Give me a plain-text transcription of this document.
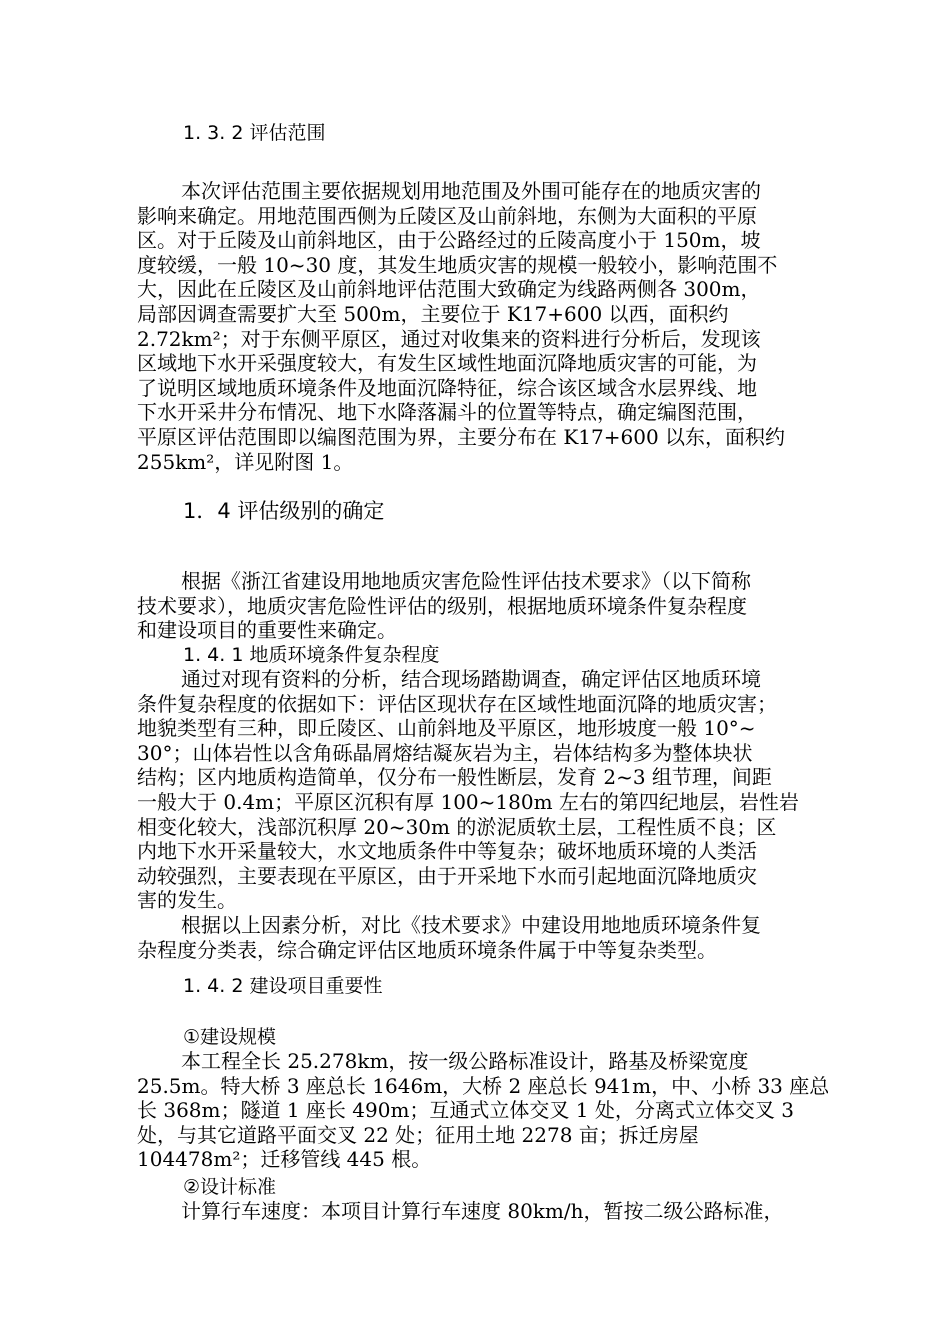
1. 3. 2 评估范围
本次评估范围主要依据规划用地范围及外围可能存在的地质灾害的
影响来确定。用地范围西侧为丘陵区及山前斜地，东侧为大面积的平原
区。对于丘陵及山前斜地区，由于公路经过的丘陵高度小于 150m，坡
度较缓，一般 10~30 度，其发生地质灾害的规模一般较小，影响范围不
大，因此在丘陵区及山前斜地评估范围大致确定为线路两侧各 300m，
局部因调查需要扩大至 500m，主要位于 K17+600 以西，面积约
2.72km²；对于东侧平原区，通过对收集来的资料进行分析后，发现该
区域地下水开采强度较大，有发生区域性地面沉降地质灾害的可能，为
了说明区域地质环境条件及地面沉降特征，综合该区域含水层界线、地
下水开采井分布情况、地下水降落漏斗的位置等特点，确定编图范围，
平原区评估范围即以编图范围为界，主要分布在 K17+600 以东，面积约
255km²，详见附图 1。
1．4 评估级别的确定
根据《浙江省建设用地地质灾害危险性评估技术要求》（以下简称
技术要求），地质灾害危险性评估的级别，根据地质环境条件复杂程度
和建设项目的重要性来确定。
1. 4. 1 地质环境条件复杂程度
通过对现有资料的分析，结合现场踏勘调查，确定评估区地质环境
条件复杂程度的依据如下：评估区现状存在区域性地面沉降的地质灾害；
地貌类型有三种，即丘陵区、山前斜地及平原区，地形坡度一般 10°~
30°；山体岩性以含角砾晶屑熔结凝灰岩为主，岩体结构多为整体块状
结构；区内地质构造简单，仅分布一般性断层，发育 2~3 组节理，间距
一般大于 0.4m；平原区沉积有厚 100~180m 左右的第四纪地层，岩性岩
相变化较大，浅部沉积厚 20~30m 的淤泥质软土层，工程性质不良；区
内地下水开采量较大，水文地质条件中等复杂；破坏地质环境的人类活
动较强烈，主要表现在平原区，由于开采地下水而引起地面沉降地质灾
害的发生。
根据以上因素分析，对比《技术要求》中建设用地地质环境条件复
杂程度分类表，综合确定评估区地质环境条件属于中等复杂类型。
1. 4. 2 建设项目重要性
①建设规模
本工程全长 25.278km，按一级公路标准设计，路基及桥梁宽度
25.5m。特大桥 3 座总长 1646m，大桥 2 座总长 941m，中、小桥 33 座总
长 368m；隧道 1 座长 490m；互通式立体交叉 1 处，分离式立体交叉 3
处，与其它道路平面交叉 22 处；征用土地 2278 亩；拆迁房屋
104478m²；迁移管线 445 根。
②设计标准
计算行车速度：本项目计算行车速度 80km/h，暂按二级公路标准，
